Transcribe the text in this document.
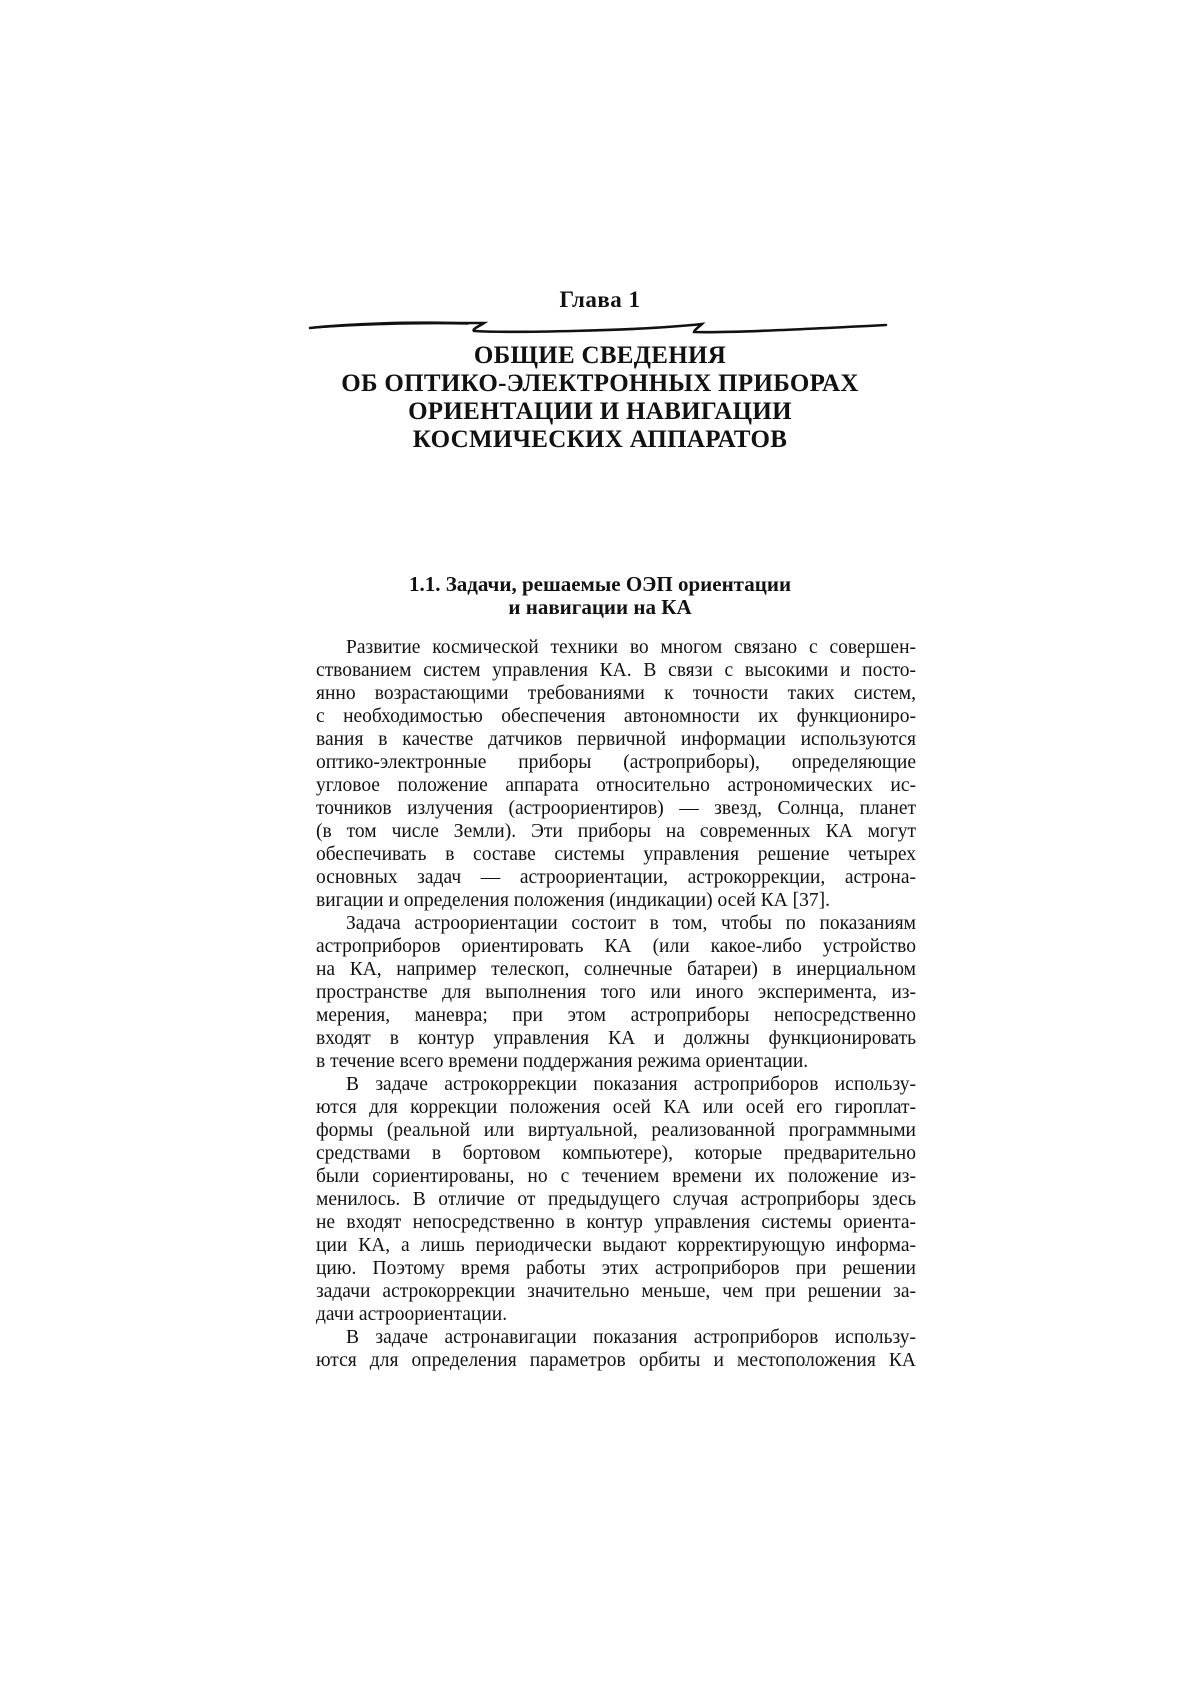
Глава 1
ОБЩИЕ СВЕДЕНИЯ
ОБ ОПТИКО-ЭЛЕКТРОННЫХ ПРИБОРАХ
ОРИЕНТАЦИИ И НАВИГАЦИИ
КОСМИЧЕСКИХ АППАРАТОВ
1.1. Задачи, решаемые ОЭП ориентации
и навигации на КА
Развитие космической техники во многом связано с совершен-
ствованием систем управления КА. В связи с высокими и посто-
янно возрастающими требованиями к точности таких систем,
с необходимостью обеспечения автономности их функциониро-
вания в качестве датчиков первичной информации используются
оптико-электронные приборы (астроприборы), определяющие
угловое положение аппарата относительно астрономических ис-
точников излучения (астроориентиров) — звезд, Солнца, планет
(в том числе Земли). Эти приборы на современных КА могут
обеспечивать в составе системы управления решение четырех
основных задач — астроориентации, астрокоррекции, астрона-
вигации и определения положения (индикации) осей КА [37].
Задача астроориентации состоит в том, чтобы по показаниям
астроприборов ориентировать КА (или какое-либо устройство
на КА, например телескоп, солнечные батареи) в инерциальном
пространстве для выполнения того или иного эксперимента, из-
мерения, маневра; при этом астроприборы непосредственно
входят в контур управления КА и должны функционировать
в течение всего времени поддержания режима ориентации.
В задаче астрокоррекции показания астроприборов использу-
ются для коррекции положения осей КА или осей его гироплат-
формы (реальной или виртуальной, реализованной программными
средствами в бортовом компьютере), которые предварительно
были сориентированы, но с течением времени их положение из-
менилось. В отличие от предыдущего случая астроприборы здесь
не входят непосредственно в контур управления системы ориента-
ции КА, а лишь периодически выдают корректирующую информа-
цию. Поэтому время работы этих астроприборов при решении
задачи астрокоррекции значительно меньше, чем при решении за-
дачи астроориентации.
В задаче астронавигации показания астроприборов использу-
ются для определения параметров орбиты и местоположения КА
